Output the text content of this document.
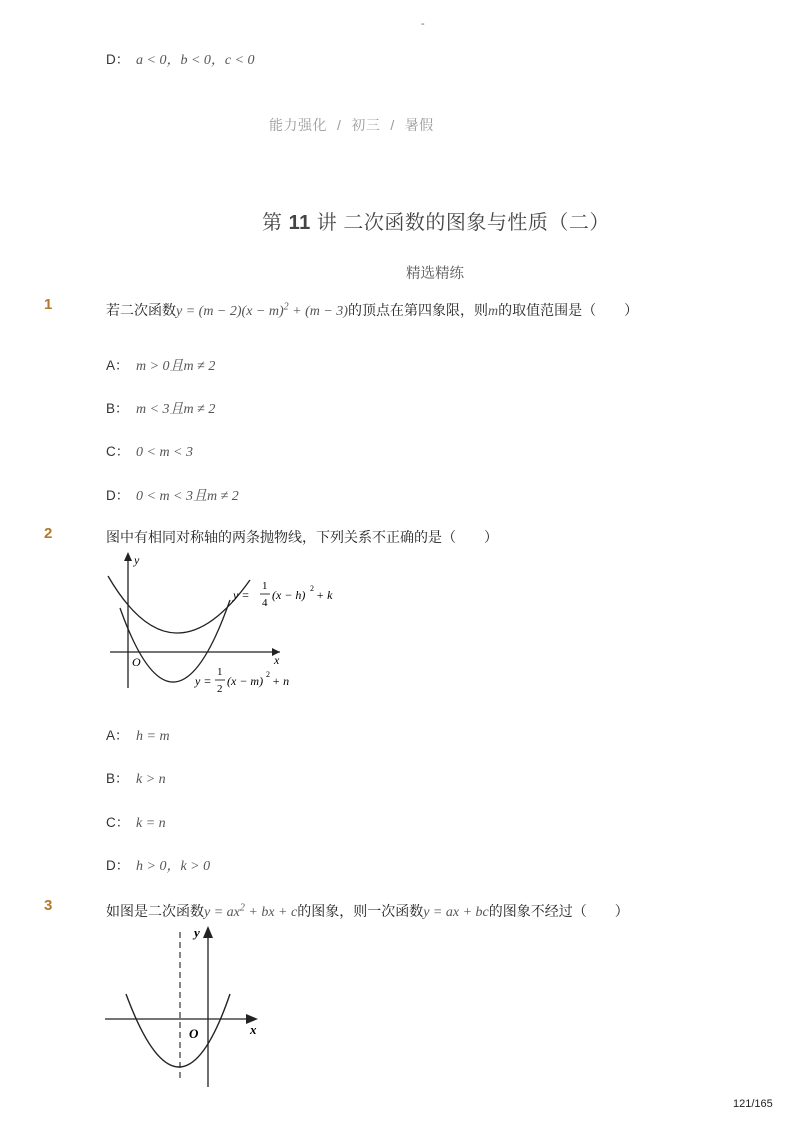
-
D： a < 0，b < 0，c < 0
能力强化 / 初三 / 暑假
第 11 讲 二次函数的图象与性质（二）
精选精练
1	若二次函数$y = (m - 2)(x - m)^2 + (m - 3)$的顶点在第四象限，则m的取值范围是（　　）
A： m > 0且m ≠ 2
B： m < 3且m ≠ 2
C： 0 < m < 3
D： 0 < m < 3且m ≠ 2
2	图中有相同对称轴的两条抛物线，下列关系不正确的是（　　）
y
x
O
y =
1
4
(x − h) 2 + k
y =
1
2
(x − m) 2 + n
A： h = m
B： k > n
C： k = n
D： h > 0，k > 0
3	如图是二次函数$y = ax^2$ + bx + c的图象，则一次函数y = ax + bc的图象不经过（　　）
y
x
O
121/165
